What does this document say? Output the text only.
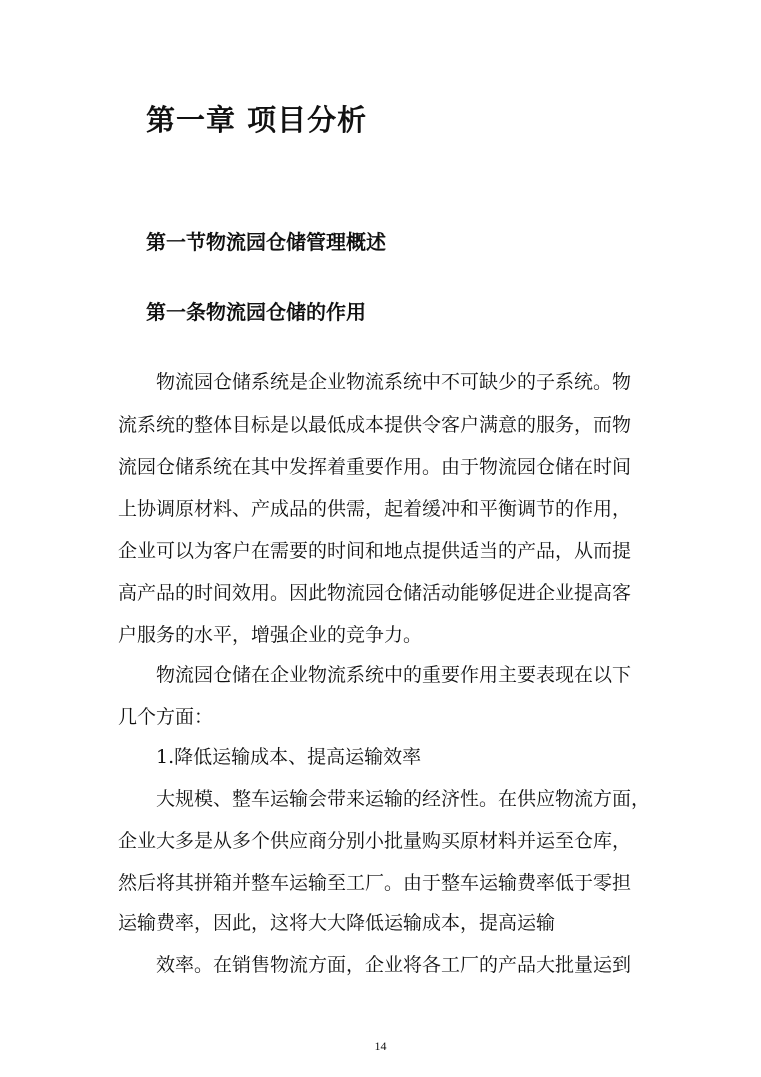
第一章 项目分析
第一节物流园仓储管理概述
第一条物流园仓储的作用
物流园仓储系统是企业物流系统中不可缺少的子系统。物
流系统的整体目标是以最低成本提供令客户满意的服务，而物
流园仓储系统在其中发挥着重要作用。由于物流园仓储在时间
上协调原材料、产成品的供需，起着缓冲和平衡调节的作用，
企业可以为客户在需要的时间和地点提供适当的产品，从而提
高产品的时间效用。因此物流园仓储活动能够促进企业提高客
户服务的水平，增强企业的竞争力。
物流园仓储在企业物流系统中的重要作用主要表现在以下
几个方面：
1.降低运输成本、提高运输效率
大规模、整车运输会带来运输的经济性。在供应物流方面，
企业大多是从多个供应商分别小批量购买原材料并运至仓库，
然后将其拼箱并整车运输至工厂。由于整车运输费率低于零担
运输费率，因此，这将大大降低运输成本，提高运输
效率。在销售物流方面，企业将各工厂的产品大批量运到
14
